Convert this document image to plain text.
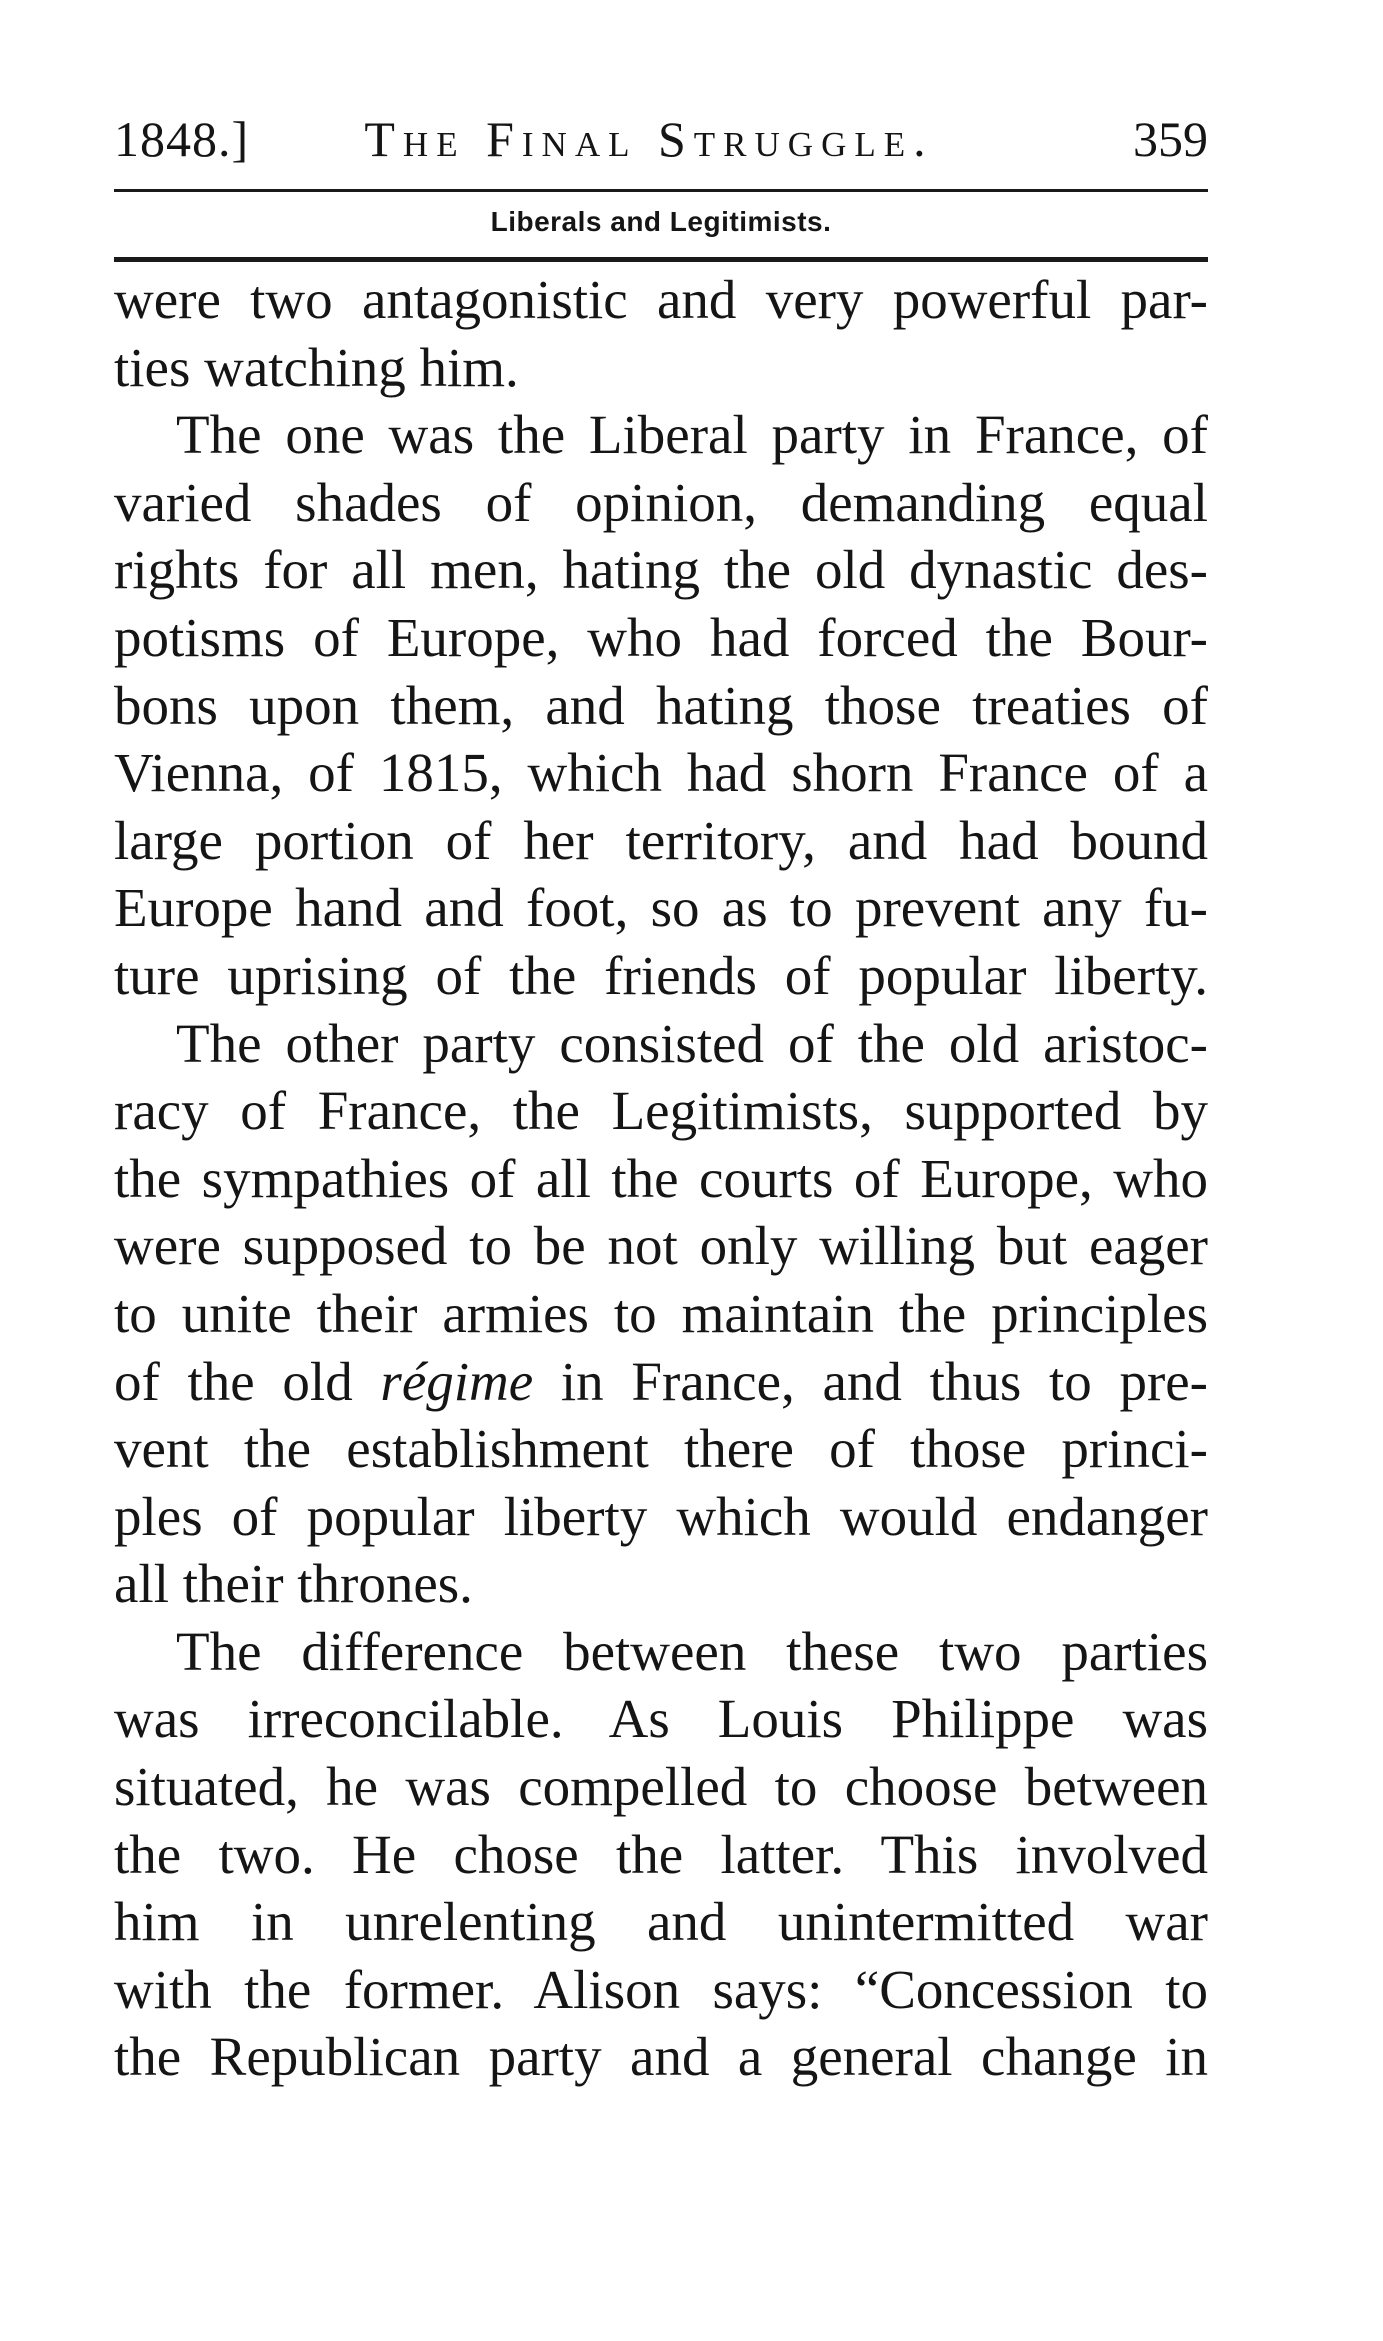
1848.]	The Final Struggle.	359
Liberals and Legitimists.
were two antagonistic and very powerful par-
ties watching him.
The one was the Liberal party in France, of
varied shades of opinion, demanding equal
rights for all men, hating the old dynastic des-
potisms of Europe, who had forced the Bour-
bons upon them, and hating those treaties of
Vienna, of 1815, which had shorn France of a
large portion of her territory, and had bound
Europe hand and foot, so as to prevent any fu-
ture uprising of the friends of popular liberty.
The other party consisted of the old aristoc-
racy of France, the Legitimists, supported by
the sympathies of all the courts of Europe, who
were supposed to be not only willing but eager
to unite their armies to maintain the principles
of the old régime in France, and thus to pre-
vent the establishment there of those princi-
ples of popular liberty which would endanger
all their thrones.
The difference between these two parties
was irreconcilable. As Louis Philippe was
situated, he was compelled to choose between
the two. He chose the latter. This involved
him in unrelenting and unintermitted war
with the former. Alison says: “Concession to
the Republican party and a general change in
